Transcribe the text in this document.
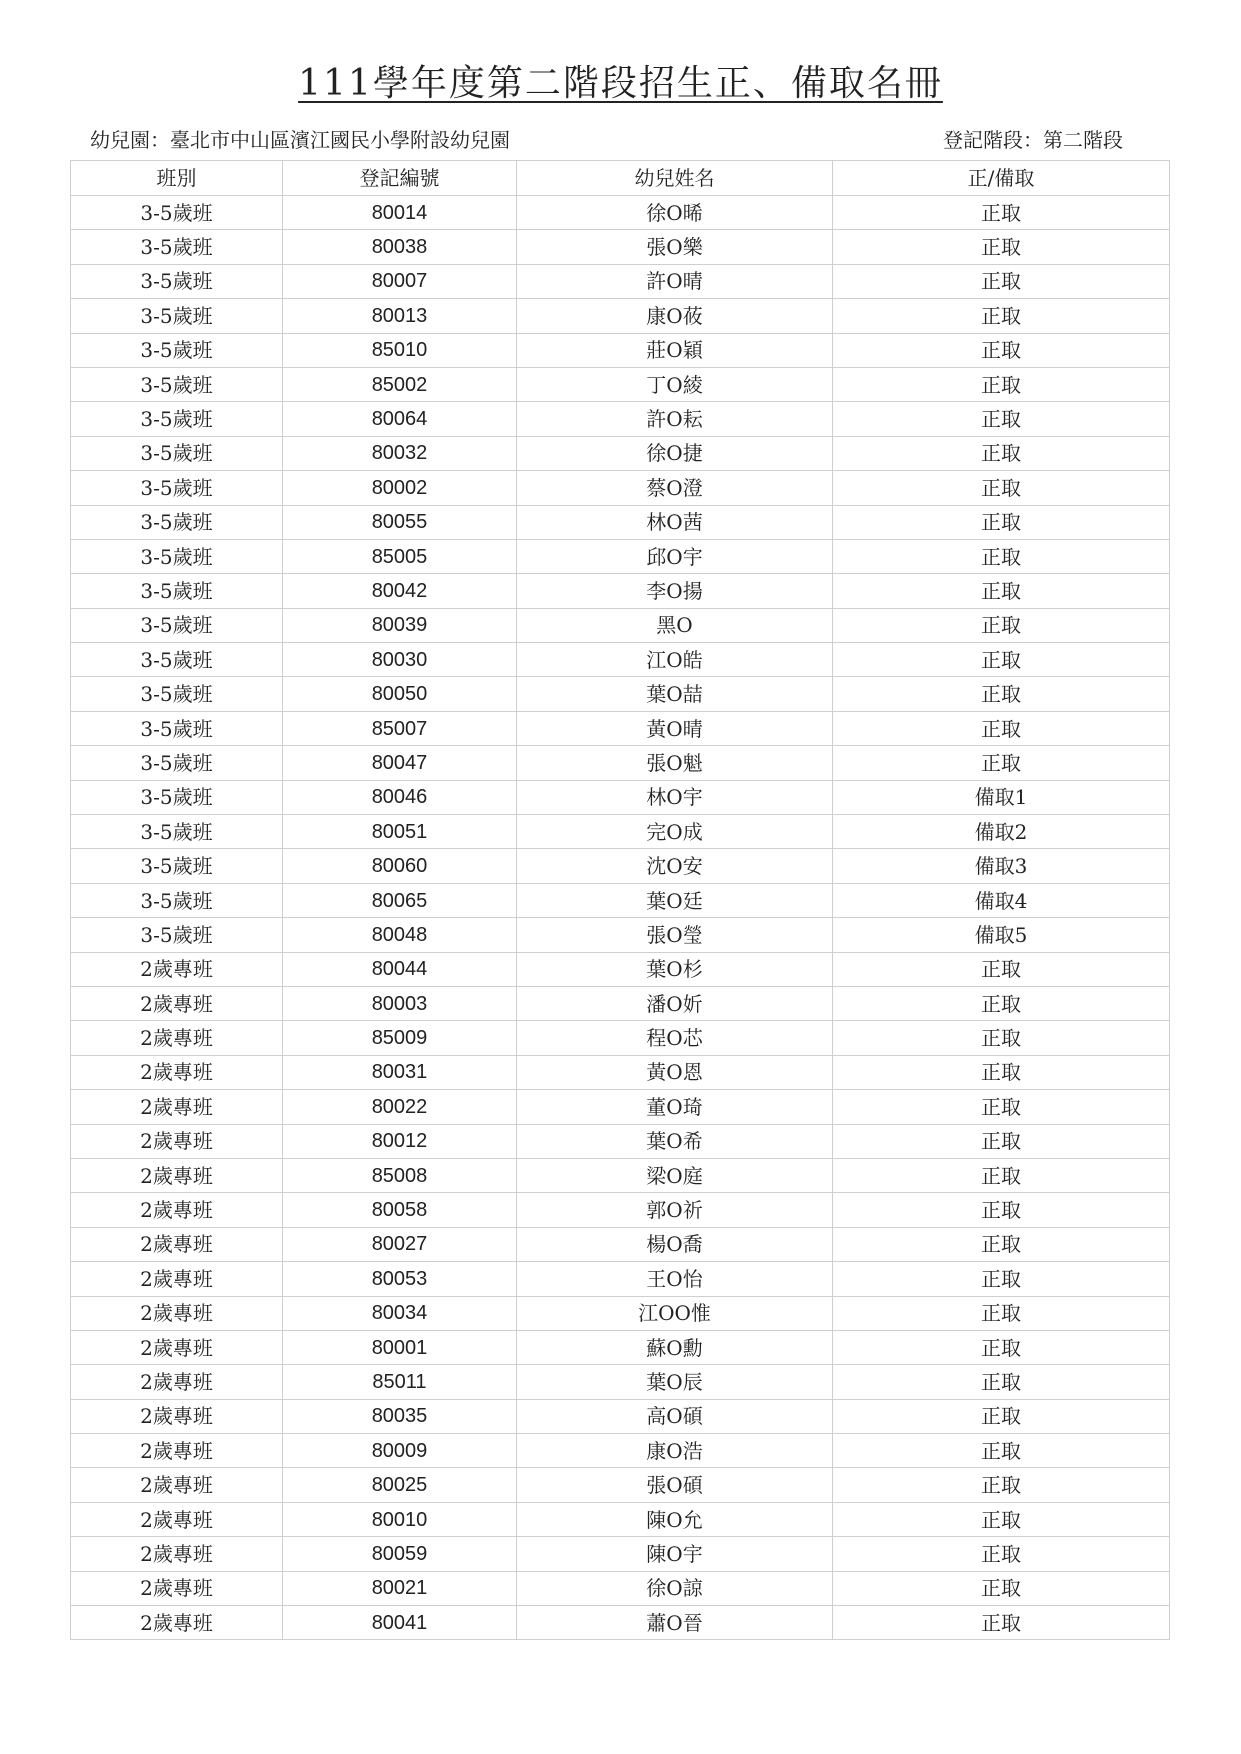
111學年度第二階段招生正、備取名冊
幼兒園：臺北市中山區濱江國民小學附設幼兒園	登記階段：第二階段
班別	登記編號	幼兒姓名	正/備取
3-5歲班	80014	徐O晞	正取
3-5歲班	80038	張O樂	正取
3-5歲班	80007	許O晴	正取
3-5歲班	80013	康O莜	正取
3-5歲班	85010	莊O穎	正取
3-5歲班	85002	丁O綾	正取
3-5歲班	80064	許O耘	正取
3-5歲班	80032	徐O捷	正取
3-5歲班	80002	蔡O澄	正取
3-5歲班	80055	林O茜	正取
3-5歲班	85005	邱O宇	正取
3-5歲班	80042	李O揚	正取
3-5歲班	80039	黑O	正取
3-5歲班	80030	江O皓	正取
3-5歲班	80050	葉O喆	正取
3-5歲班	85007	黃O晴	正取
3-5歲班	80047	張O魁	正取
3-5歲班	80046	林O宇	備取1
3-5歲班	80051	完O成	備取2
3-5歲班	80060	沈O安	備取3
3-5歲班	80065	葉O廷	備取4
3-5歲班	80048	張O瑩	備取5
2歲專班	80044	葉O杉	正取
2歲專班	80003	潘O妡	正取
2歲專班	85009	程O芯	正取
2歲專班	80031	黃O恩	正取
2歲專班	80022	董O琦	正取
2歲專班	80012	葉O希	正取
2歲專班	85008	梁O庭	正取
2歲專班	80058	郭O祈	正取
2歲專班	80027	楊O喬	正取
2歲專班	80053	王O怡	正取
2歲專班	80034	江OO惟	正取
2歲專班	80001	蘇O勳	正取
2歲專班	85011	葉O辰	正取
2歲專班	80035	高O碩	正取
2歲專班	80009	康O浩	正取
2歲專班	80025	張O碩	正取
2歲專班	80010	陳O允	正取
2歲專班	80059	陳O宇	正取
2歲專班	80021	徐O諒	正取
2歲專班	80041	蕭O晉	正取
